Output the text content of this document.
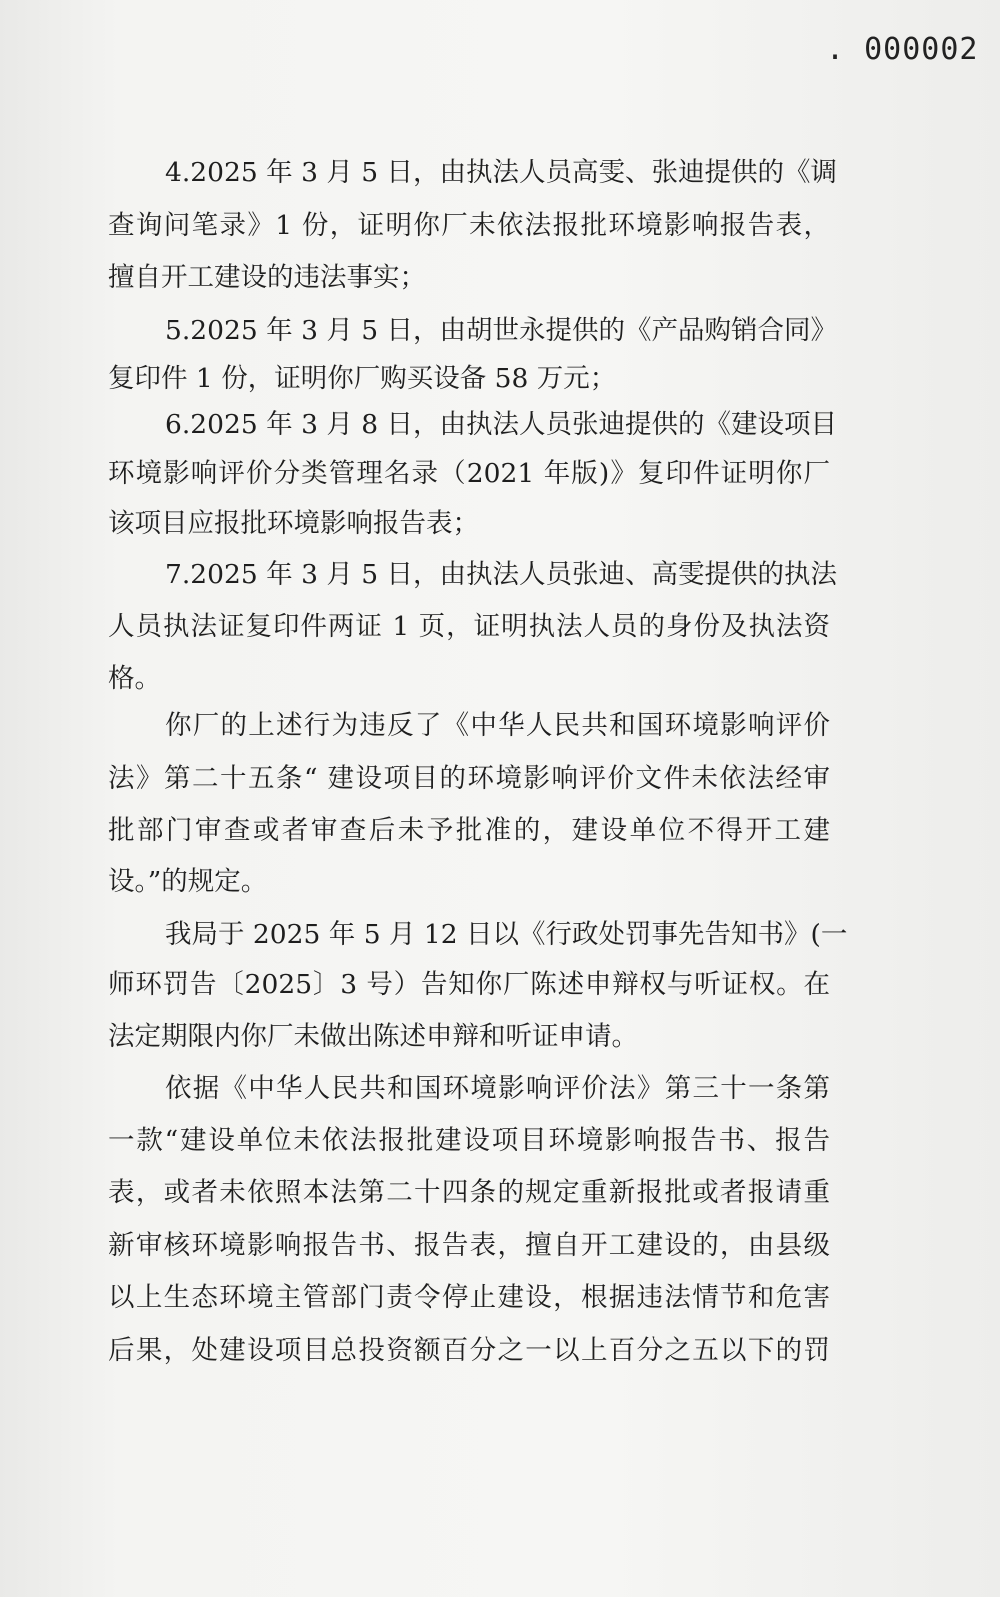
. 000002
4.2025 年 3 月 5 日，由执法人员高雯、张迪提供的《调
查询问笔录》1 份，证明你厂未依法报批环境影响报告表，
擅自开工建设的违法事实；
5.2025 年 3 月 5 日，由胡世永提供的《产品购销合同》
复印件 1 份，证明你厂购买设备 58 万元；
6.2025 年 3 月 8 日，由执法人员张迪提供的《建设项目
环境影响评价分类管理名录（2021 年版)》复印件证明你厂
该项目应报批环境影响报告表；
7.2025 年 3 月 5 日，由执法人员张迪、高雯提供的执法
人员执法证复印件两证 1 页，证明执法人员的身份及执法资
格。
你厂的上述行为违反了《中华人民共和国环境影响评价
法》第二十五条“ 建设项目的环境影响评价文件未依法经审
批部门审查或者审查后未予批准的，建设单位不得开工建
设。”的规定。
我局于 2025 年 5 月 12 日以《行政处罚事先告知书》(一
师环罚告〔2025〕3 号）告知你厂陈述申辩权与听证权。在
法定期限内你厂未做出陈述申辩和听证申请。
依据《中华人民共和国环境影响评价法》第三十一条第
一款“建设单位未依法报批建设项目环境影响报告书、报告
表，或者未依照本法第二十四条的规定重新报批或者报请重
新审核环境影响报告书、报告表，擅自开工建设的，由县级
以上生态环境主管部门责令停止建设，根据违法情节和危害
后果，处建设项目总投资额百分之一以上百分之五以下的罚
